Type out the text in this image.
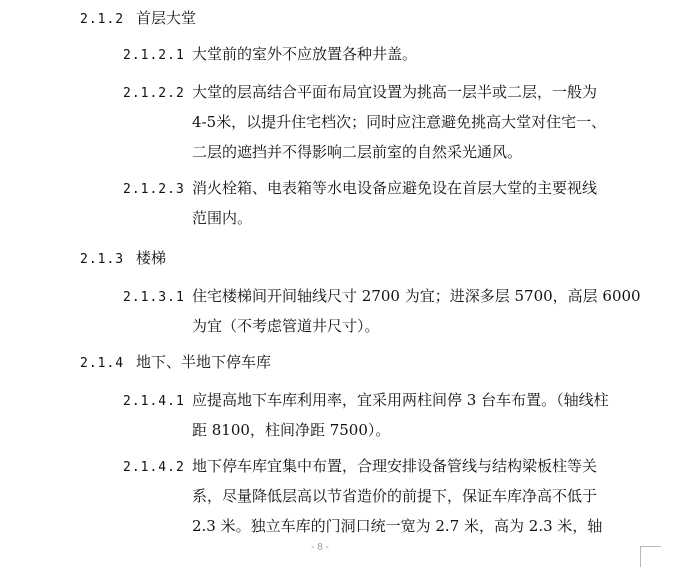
2.1.2 首层大堂
2.1.2.1 大堂前的室外不应放置各种井盖。
2.1.2.2 大堂的层高结合平面布局宜设置为挑高一层半或二层，一般为
4-5米，以提升住宅档次；同时应注意避免挑高大堂对住宅一、
二层的遮挡并不得影响二层前室的自然采光通风。
2.1.2.3 消火栓箱、电表箱等水电设备应避免设在首层大堂的主要视线
范围内。
2.1.3 楼梯
2.1.3.1 住宅楼梯间开间轴线尺寸 2700 为宜；进深多层 5700，高层 6000
为宜（不考虑管道井尺寸）。
2.1.4 地下、半地下停车库
2.1.4.1 应提高地下车库利用率，宜采用两柱间停 3 台车布置。（轴线柱
距 8100，柱间净距 7500）。
2.1.4.2 地下停车库宜集中布置，合理安排设备管线与结构梁板柱等关
系，尽量降低层高以节省造价的前提下，保证车库净高不低于
2.3 米。独立车库的门洞口统一宽为 2.7 米，高为 2.3 米，轴
- 8 -
